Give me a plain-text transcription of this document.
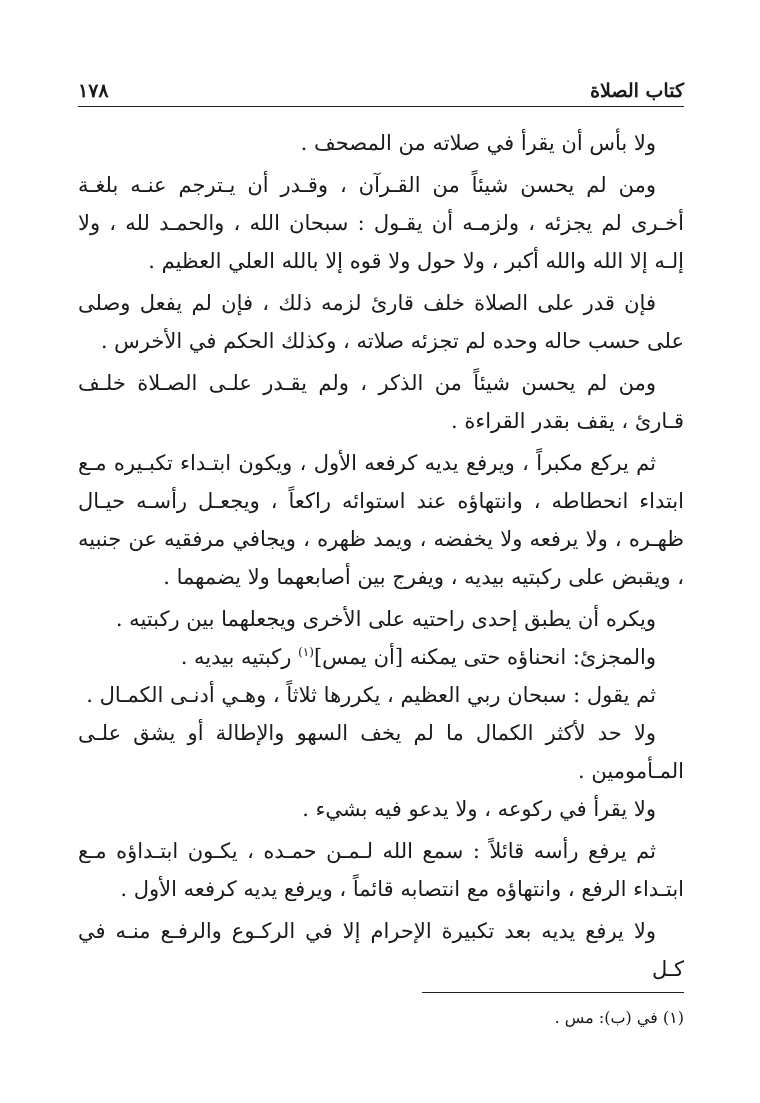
كتاب الصلاة
١٧٨

ولا بأس أن يقرأ في صلاته من المصحف .

ومن لم يحسن شيئاً من القـرآن ، وقـدر أن يـترجم عنـه بلغـة أخـرى لم يجزئه ، ولزمـه أن يقـول : سبحان الله ، والحمـد لله ، ولا إلـه إلا الله والله أكبر ، ولا حول ولا قوه إلا بالله العلي العظيم .

فإن قدر على الصلاة خلف قارئ لزمه ذلك ، فإن لم يفعل وصلى على حسب حاله وحده لم تجزئه صلاته ، وكذلك الحكم في الأخرس .

ومن لم يحسن شيئاً من الذكر ، ولم يقـدر علـى الصـلاة خلـف قـارئ ، يقف بقدر القراءة .

ثم يركع مكبراً ، ويرفع يديه كرفعه الأول ، ويكون ابتـداء تكبـيره مـع ابتداء انحطاطه ، وانتهاؤه عند استوائه راكعاً ، ويجعـل رأسـه حيـال ظهـره ، ولا يرفعه ولا يخفضه ، ويمد ظهره ، ويجافي مرفقيه عن جنبيه ، ويقبض على ركبتيه بيديه ، ويفرج بين أصابعهما ولا يضمهما .

ويكره أن يطبق إحدى راحتيه على الأخرى ويجعلهما بين ركبتيه .

والمجزئ: انحناؤه حتى يمكنه [أن يمس]$^{(١)}$ ركبتيه بيديه .

ثم يقول : سبحان ربي العظيم ، يكررها ثلاثاً ، وهـي أدنـى الكمـال .

ولا حد لأكثر الكمال ما لم يخف السهو والإطالة أو يشق علـى المـأمومين .

ولا يقرأ في ركوعه ، ولا يدعو فيه بشيء .

ثم يرفع رأسه قائلاً : سمع الله لـمـن حمـده ، يكـون ابتـداؤه مـع ابتـداء الرفع ، وانتهاؤه مع انتصابه قائماً ، ويرفع يديه كرفعه الأول .

ولا يرفع يديه بعد تكبيرة الإحرام إلا في الركـوع والرفـع منـه في كـل

(١) في (ب): مس .
